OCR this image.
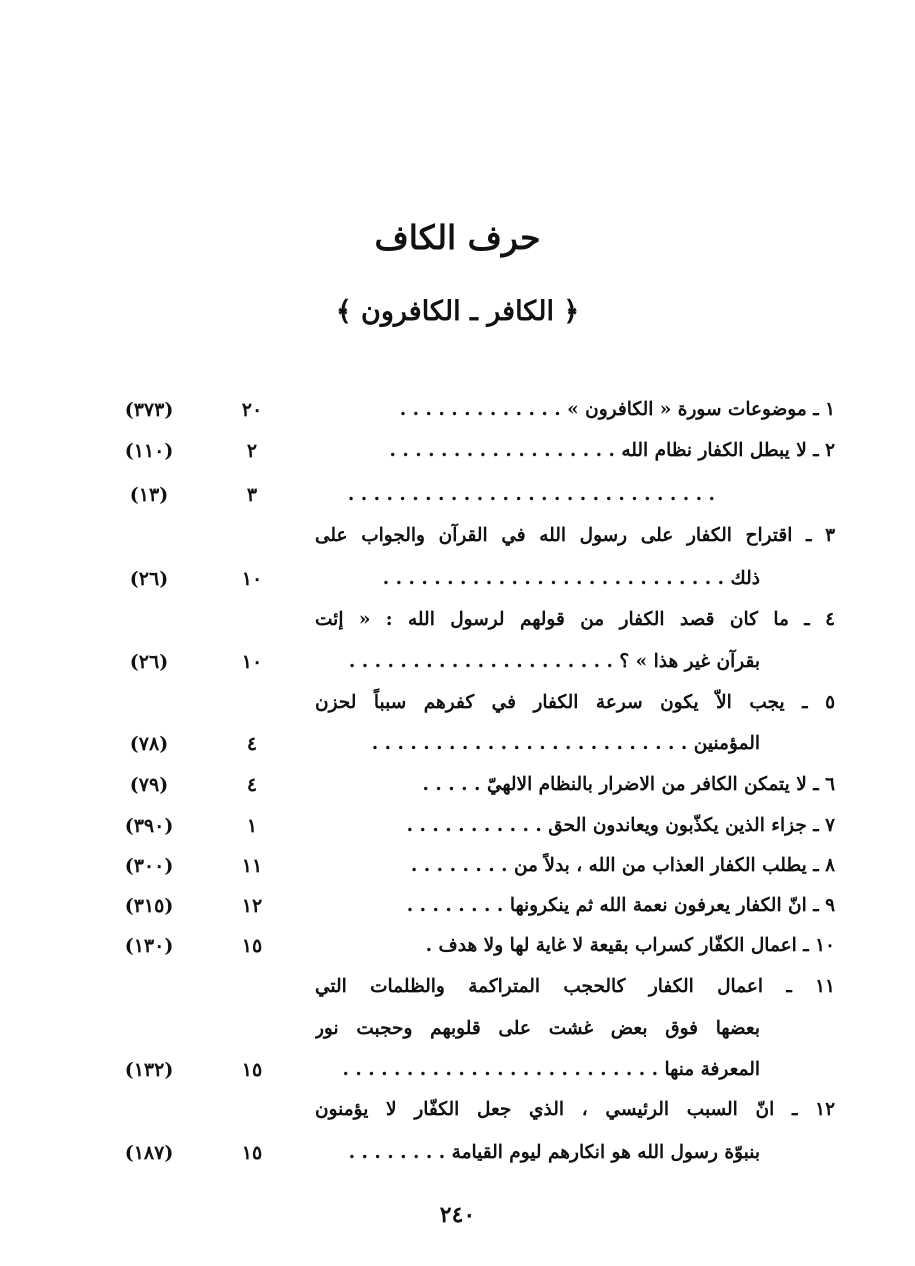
حرف الكاف
﴿ الكافر ـ الكافرون ﴾
١ ـ موضوعات سورة « الكافرون » . . . . . . . . . . . . .
٢٠
(٣٧٣)
٢ ـ لا يبطل الكفار نظام الله . . . . . . . . . . . . . . . . . .
٢
(١١٠)
. . . . . . . . . . . . . . . . . . . . . . . . . . . . .
٣
(١٣)
٣ ـ اقتراح الكفار على رسول الله في القرآن والجواب على
ذلك . . . . . . . . . . . . . . . . . . . . . . . . . . .
١٠
(٢٦)
٤ ـ ما كان قصد الكفار من قولهم لرسول الله : « إئت
بقرآن غير هذا » ؟ . . . . . . . . . . . . . . . . . . . . .
١٠
(٢٦)
٥ ـ يجب الاّ يكون سرعة الكفار في كفرهم سبباً لحزن
المؤمنين . . . . . . . . . . . . . . . . . . . . . . . . .
٤
(٧٨)
٦ ـ لا يتمكن الكافر من الاضرار بالنظام الالهيّ . . . . .
٤
(٧٩)
٧ ـ جزاء الذين يكذّبون ويعاندون الحق . . . . . . . . . . .
١
(٣٩٠)
٨ ـ يطلب الكفار العذاب من الله ، بدلاً من . . . . . . . .
١١
(٣٠٠)
٩ ـ انّ الكفار يعرفون نعمة الله ثم ينكرونها . . . . . . . .
١٢
(٣١٥)
١٠ ـ اعمال الكفّار كسراب بقيعة لا غاية لها ولا هدف .
١٥
(١٣٠)
١١ ـ اعمال الكفار كالحجب المتراكمة والظلمات التي
بعضها فوق بعض غشت على قلوبهم وحجبت نور
المعرفة منها . . . . . . . . . . . . . . . . . . . . . . . . .
١٥
(١٣٢)
١٢ ـ انّ السبب الرئيسي ، الذي جعل الكفّار لا يؤمنون
بنبوّة رسول الله هو انكارهم ليوم القيامة . . . . . . . .
١٥
(١٨٧)
٢٤٠
